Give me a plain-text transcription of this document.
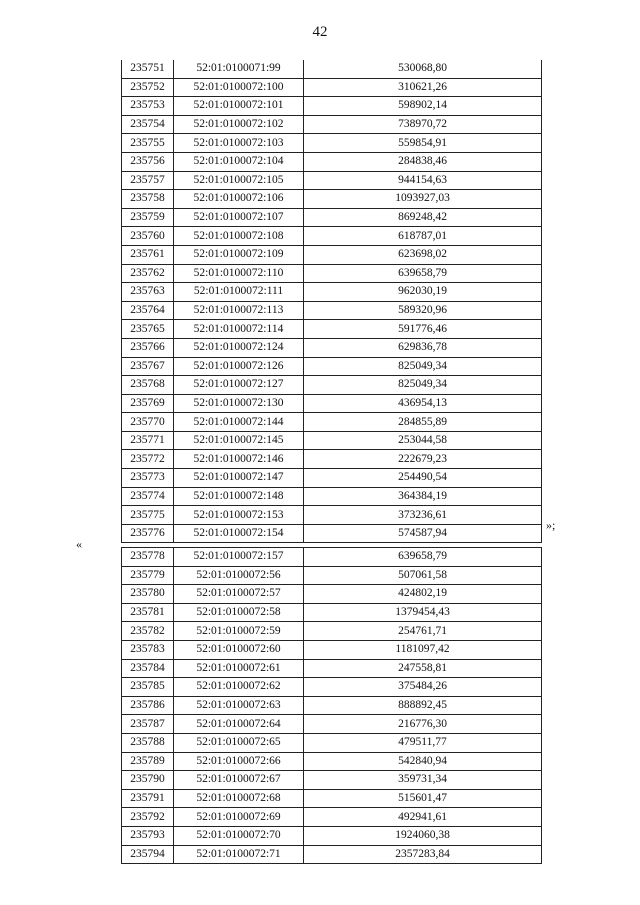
42
235751	52:01:0100071:99	530068,80
235752	52:01:0100072:100	310621,26
235753	52:01:0100072:101	598902,14
235754	52:01:0100072:102	738970,72
235755	52:01:0100072:103	559854,91
235756	52:01:0100072:104	284838,46
235757	52:01:0100072:105	944154,63
235758	52:01:0100072:106	1093927,03
235759	52:01:0100072:107	869248,42
235760	52:01:0100072:108	618787,01
235761	52:01:0100072:109	623698,02
235762	52:01:0100072:110	639658,79
235763	52:01:0100072:111	962030,19
235764	52:01:0100072:113	589320,96
235765	52:01:0100072:114	591776,46
235766	52:01:0100072:124	629836,78
235767	52:01:0100072:126	825049,34
235768	52:01:0100072:127	825049,34
235769	52:01:0100072:130	436954,13
235770	52:01:0100072:144	284855,89
235771	52:01:0100072:145	253044,58
235772	52:01:0100072:146	222679,23
235773	52:01:0100072:147	254490,54
235774	52:01:0100072:148	364384,19
235775	52:01:0100072:153	373236,61
235776	52:01:0100072:154	574587,94
»;
«
235778	52:01:0100072:157	639658,79
235779	52:01:0100072:56	507061,58
235780	52:01:0100072:57	424802,19
235781	52:01:0100072:58	1379454,43
235782	52:01:0100072:59	254761,71
235783	52:01:0100072:60	1181097,42
235784	52:01:0100072:61	247558,81
235785	52:01:0100072:62	375484,26
235786	52:01:0100072:63	888892,45
235787	52:01:0100072:64	216776,30
235788	52:01:0100072:65	479511,77
235789	52:01:0100072:66	542840,94
235790	52:01:0100072:67	359731,34
235791	52:01:0100072:68	515601,47
235792	52:01:0100072:69	492941,61
235793	52:01:0100072:70	1924060,38
235794	52:01:0100072:71	2357283,84
